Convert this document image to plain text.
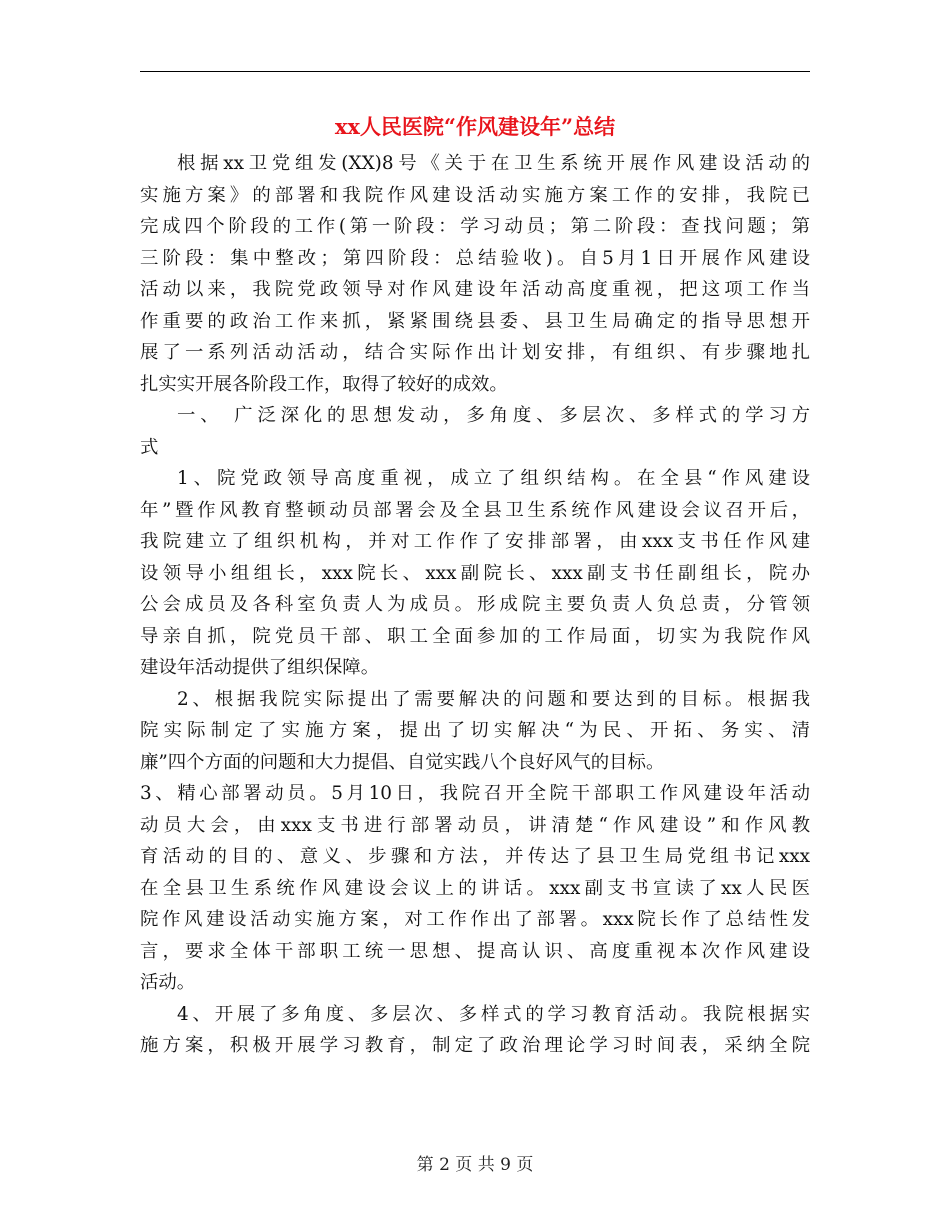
xx人民医院“作风建设年”总结
根据xx卫党组发(XX)8号《关于在卫生系统开展作风建设活动的
实施方案》的部署和我院作风建设活动实施方案工作的安排，我院已
完成四个阶段的工作(第一阶段：学习动员；第二阶段：查找问题；第
三阶段：集中整改；第四阶段：总结验收)。自5月1日开展作风建设
活动以来，我院党政领导对作风建设年活动高度重视，把这项工作当
作重要的政治工作来抓，紧紧围绕县委、县卫生局确定的指导思想开
展了一系列活动活动，结合实际作出计划安排，有组织、有步骤地扎
扎实实开展各阶段工作，取得了较好的成效。
一、 广泛深化的思想发动，多角度、多层次、多样式的学习方
式
1、院党政领导高度重视，成立了组织结构。在全县“作风建设
年”暨作风教育整顿动员部署会及全县卫生系统作风建设会议召开后，
我院建立了组织机构，并对工作作了安排部署，由xxx支书任作风建
设领导小组组长，xxx院长、xxx副院长、xxx副支书任副组长，院办
公会成员及各科室负责人为成员。形成院主要负责人负总责，分管领
导亲自抓，院党员干部、职工全面参加的工作局面，切实为我院作风
建设年活动提供了组织保障。
2、根据我院实际提出了需要解决的问题和要达到的目标。根据我
院实际制定了实施方案，提出了切实解决“为民、开拓、务实、清
廉”四个方面的问题和大力提倡、自觉实践八个良好风气的目标。
3、精心部署动员。5月10日，我院召开全院干部职工作风建设年活动
动员大会，由xxx支书进行部署动员，讲清楚“作风建设”和作风教
育活动的目的、意义、步骤和方法，并传达了县卫生局党组书记xxx
在全县卫生系统作风建设会议上的讲话。xxx副支书宣读了xx人民医
院作风建设活动实施方案，对工作作出了部署。xxx院长作了总结性发
言，要求全体干部职工统一思想、提高认识、高度重视本次作风建设
活动。
4、开展了多角度、多层次、多样式的学习教育活动。我院根据实
施方案，积极开展学习教育，制定了政治理论学习时间表，采纳全院
第 2 页 共 9 页
